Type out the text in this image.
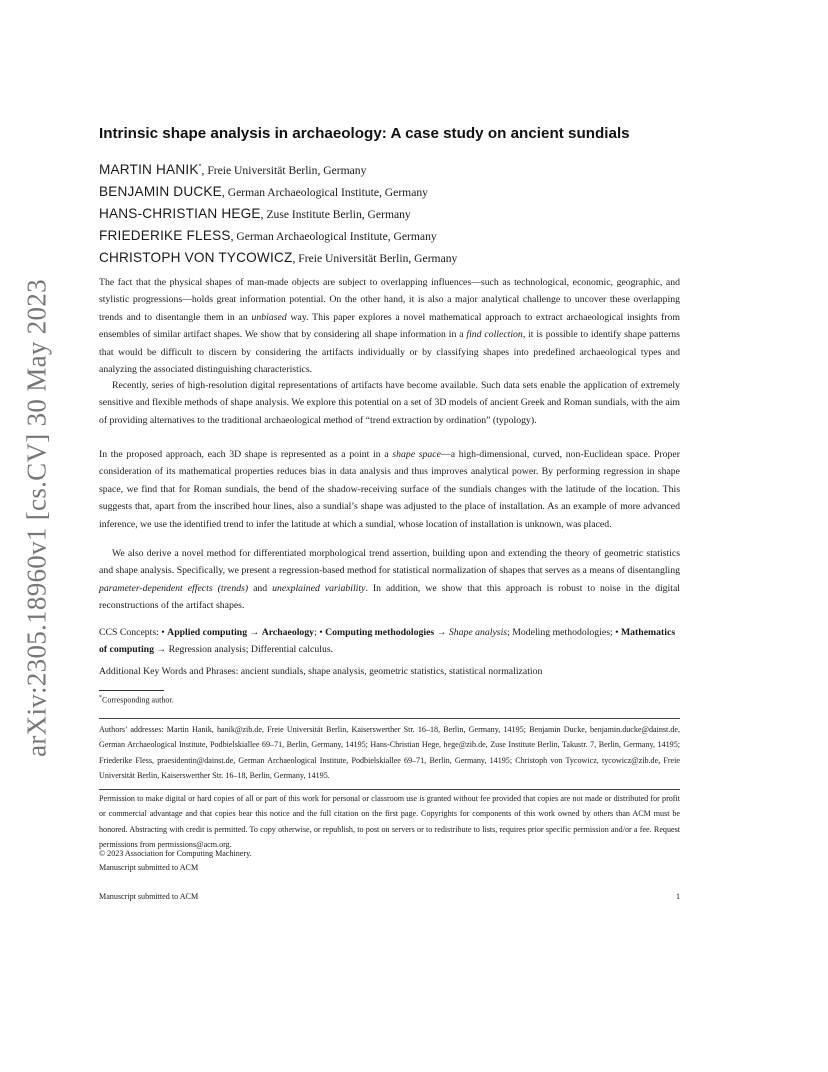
arXiv:2305.18960v1 [cs.CV] 30 May 2023
Intrinsic shape analysis in archaeology: A case study on ancient sundials
MARTIN HANIK*, Freie Universität Berlin, Germany
BENJAMIN DUCKE, German Archaeological Institute, Germany
HANS-CHRISTIAN HEGE, Zuse Institute Berlin, Germany
FRIEDERIKE FLESS, German Archaeological Institute, Germany
CHRISTOPH VON TYCOWICZ, Freie Universität Berlin, Germany

The fact that the physical shapes of man-made objects are subject to overlapping influences—such as technological, economic, geographic, and stylistic progressions—holds great information potential. On the other hand, it is also a major analytical challenge to uncover these overlapping trends and to disentangle them in an unbiased way. This paper explores a novel mathematical approach to extract archaeological insights from ensembles of similar artifact shapes. We show that by considering all shape information in a find collection, it is possible to identify shape patterns that would be difficult to discern by considering the artifacts individually or by classifying shapes into predefined archaeological types and analyzing the associated distinguishing characteristics.

Recently, series of high-resolution digital representations of artifacts have become available. Such data sets enable the application of extremely sensitive and flexible methods of shape analysis. We explore this potential on a set of 3D models of ancient Greek and Roman sundials, with the aim of providing alternatives to the traditional archaeological method of “trend extraction by ordination” (typology).

In the proposed approach, each 3D shape is represented as a point in a shape space—a high-dimensional, curved, non-Euclidean space. Proper consideration of its mathematical properties reduces bias in data analysis and thus improves analytical power. By performing regression in shape space, we find that for Roman sundials, the bend of the shadow-receiving surface of the sundials changes with the latitude of the location. This suggests that, apart from the inscribed hour lines, also a sundial’s shape was adjusted to the place of installation. As an example of more advanced inference, we use the identified trend to infer the latitude at which a sundial, whose location of installation is unknown, was placed.

We also derive a novel method for differentiated morphological trend assertion, building upon and extending the theory of geometric statistics and shape analysis. Specifically, we present a regression-based method for statistical normalization of shapes that serves as a means of disentangling parameter-dependent effects (trends) and unexplained variability. In addition, we show that this approach is robust to noise in the digital reconstructions of the artifact shapes.

CCS Concepts: • Applied computing → Archaeology; • Computing methodologies → Shape analysis; Modeling methodologies; • Mathematics of computing → Regression analysis; Differential calculus.

Additional Key Words and Phrases: ancient sundials, shape analysis, geometric statistics, statistical normalization
*Corresponding author.

Authors’ addresses: Martin Hanik, hanik@zib.de, Freie Universität Berlin, Kaiserswerther Str. 16–18, Berlin, Germany, 14195; Benjamin Ducke, benjamin.ducke@dainst.de, German Archaeological Institute, Podbielskiallee 69–71, Berlin, Germany, 14195; Hans-Christian Hege, hege@zib.de, Zuse Institute Berlin, Takustr. 7, Berlin, Germany, 14195; Friederike Fless, praesidentin@dainst.de, German Archaeological Institute, Podbielskiallee 69–71, Berlin, Germany, 14195; Christoph von Tycowicz, tycowicz@zib.de, Freie Universität Berlin, Kaiserswerther Str. 16–18, Berlin, Germany, 14195.

Permission to make digital or hard copies of all or part of this work for personal or classroom use is granted without fee provided that copies are not made or distributed for profit or commercial advantage and that copies bear this notice and the full citation on the first page. Copyrights for components of this work owned by others than ACM must be honored. Abstracting with credit is permitted. To copy otherwise, or republish, to post on servers or to redistribute to lists, requires prior specific permission and/or a fee. Request permissions from permissions@acm.org.

© 2023 Association for Computing Machinery.
Manuscript submitted to ACM
Manuscript submitted to ACM	1
